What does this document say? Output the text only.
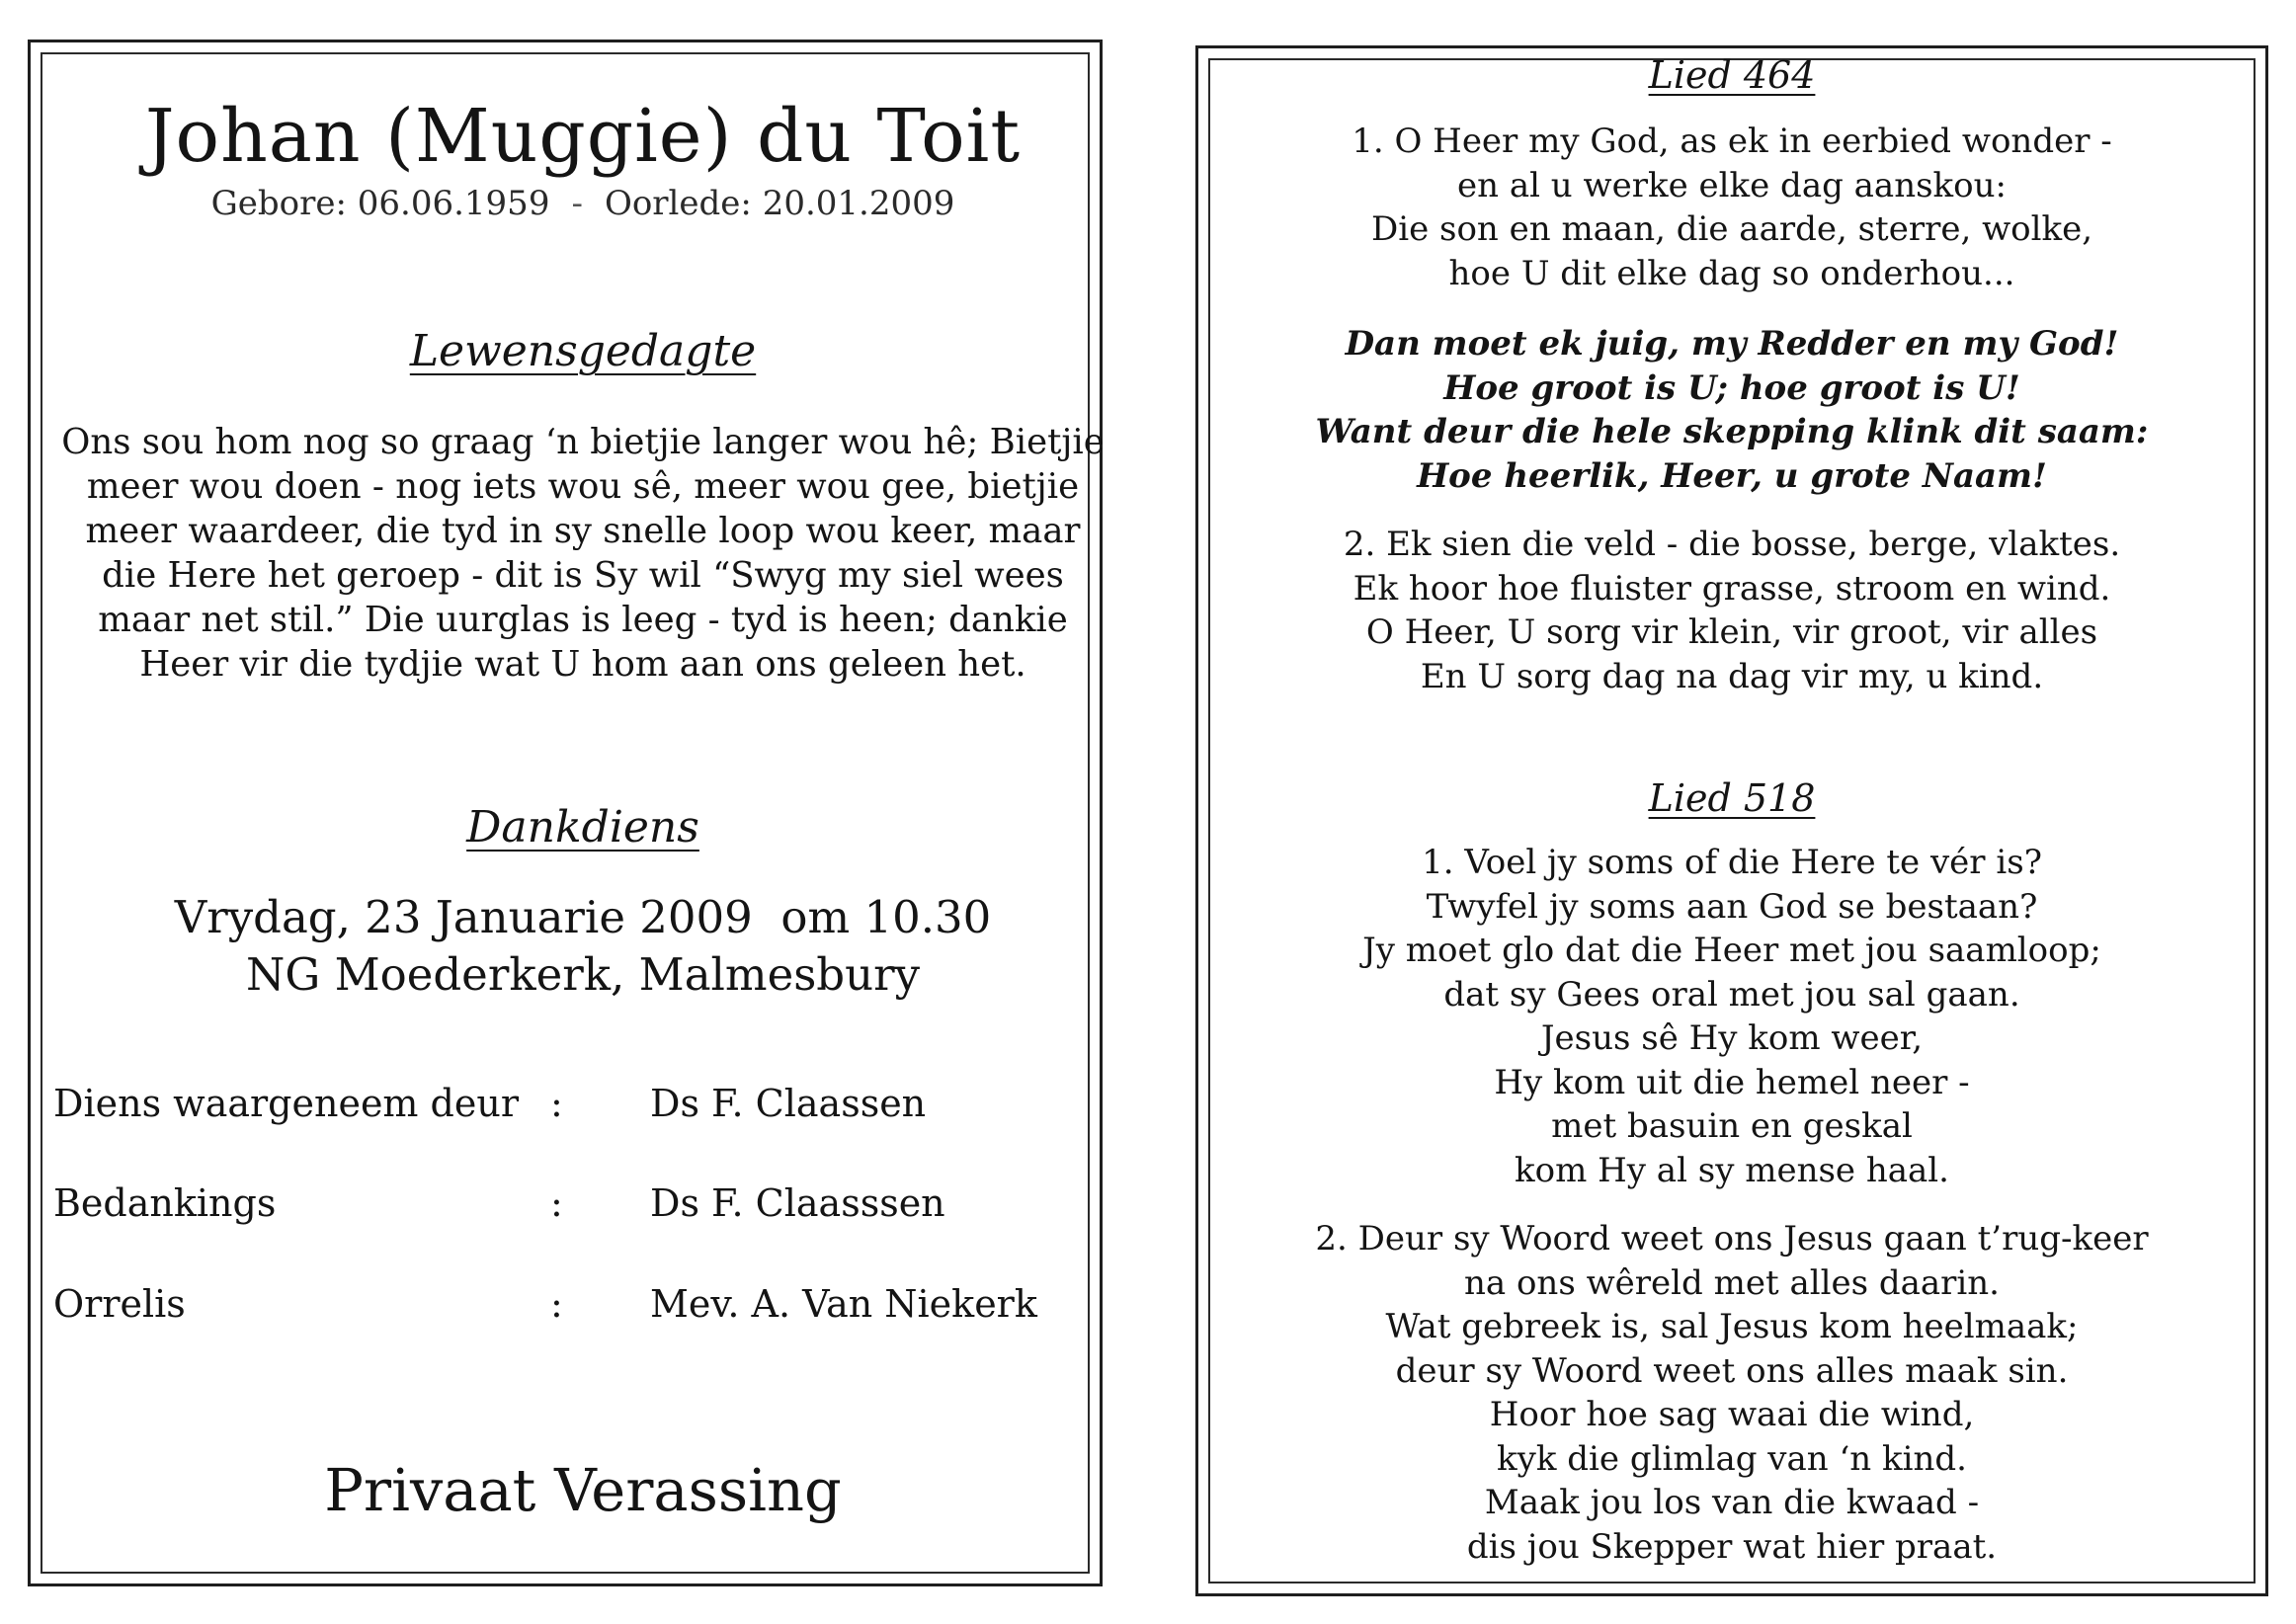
Johan (Muggie) du Toit
Gebore: 06.06.1959 - Oorlede: 20.01.2009
Lewensgedagte
Ons sou hom nog so graag ‘n bietjie langer wou hê; Bietjie
meer wou doen - nog iets wou sê, meer wou gee, bietjie
meer waardeer, die tyd in sy snelle loop wou keer, maar
die Here het geroep - dit is Sy wil “Swyg my siel wees
maar net stil.” Die uurglas is leeg - tyd is heen; dankie
Heer vir die tydjie wat U hom aan ons geleen het.
Dankdiens
Vrydag, 23 Januarie 2009  om 10.30
NG Moederkerk, Malmesbury
Diens waargeneem deur : Ds F. Claassen
Bedankings	: Ds F. Claasssen
Orrelis	: Mev. A. Van Niekerk
Privaat Verassing
Lied 464
1. O Heer my God, as ek in eerbied wonder -
en al u werke elke dag aanskou:
Die son en maan, die aarde, sterre, wolke,
hoe U dit elke dag so onderhou...
Dan moet ek juig, my Redder en my God!
Hoe groot is U; hoe groot is U!
Want deur die hele skepping klink dit saam:
Hoe heerlik, Heer, u grote Naam!
2. Ek sien die veld - die bosse, berge, vlaktes.
Ek hoor hoe fluister grasse, stroom en wind.
O Heer, U sorg vir klein, vir groot, vir alles
En U sorg dag na dag vir my, u kind.
Lied 518
1. Voel jy soms of die Here te vér is?
Twyfel jy soms aan God se bestaan?
Jy moet glo dat die Heer met jou saamloop;
dat sy Gees oral met jou sal gaan.
Jesus sê Hy kom weer,
Hy kom uit die hemel neer -
met basuin en geskal
kom Hy al sy mense haal.
2. Deur sy Woord weet ons Jesus gaan t’rug-keer
na ons wêreld met alles daarin.
Wat gebreek is, sal Jesus kom heelmaak;
deur sy Woord weet ons alles maak sin.
Hoor hoe sag waai die wind,
kyk die glimlag van ‘n kind.
Maak jou los van die kwaad -
dis jou Skepper wat hier praat.
